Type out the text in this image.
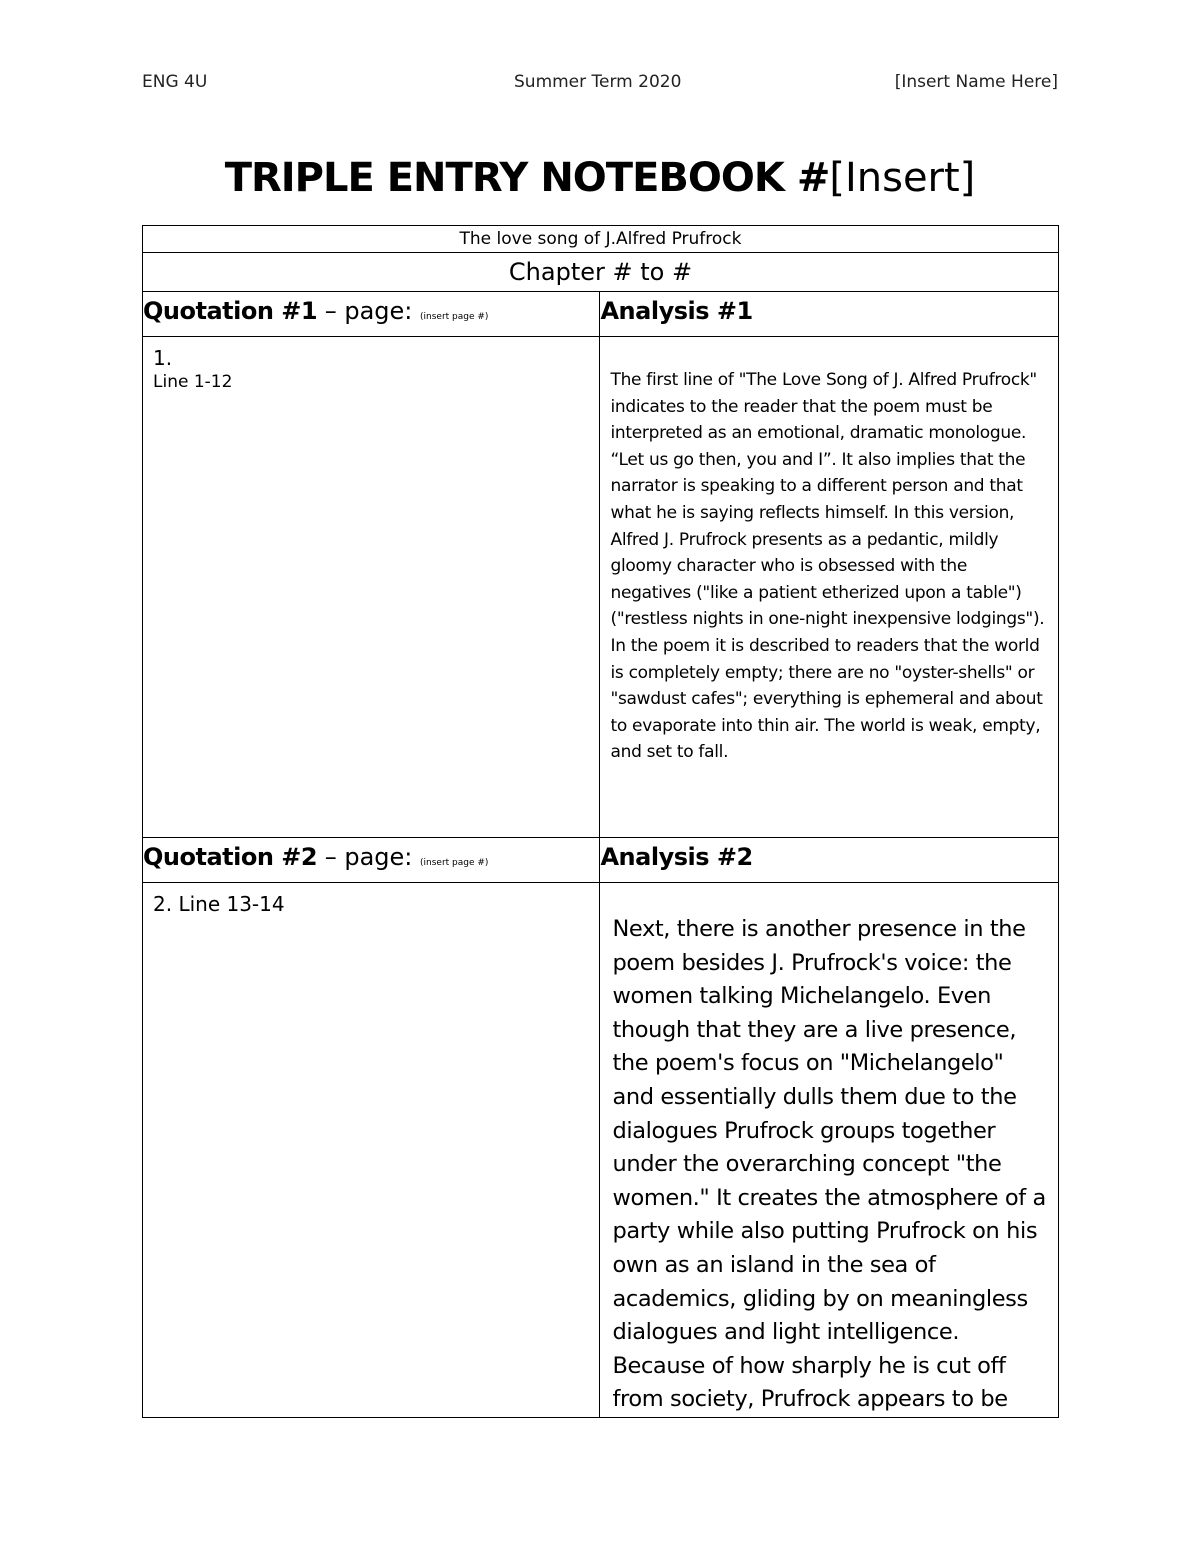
ENG 4U	Summer Term 2020	[Insert Name Here]
TRIPLE ENTRY NOTEBOOK #[Insert]
The love song of J.Alfred Prufrock	
Chapter # to #	
Quotation #1 – page: (insert page #)	Analysis #1

1.
Line 1-12	The first line of "The Love Song of J. Alfred Prufrock" indicates to the reader that the poem must be interpreted as an emotional, dramatic monologue. “Let us go then, you and I”. It also implies that the narrator is speaking to a different person and that what he is saying reflects himself. In this version, Alfred J. Prufrock presents as a pedantic, mildly gloomy character who is obsessed with the negatives ("like a patient etherized upon a table") ("restless nights in one-night inexpensive lodgings"). In the poem it is described to readers that the world is completely empty; there are no "oyster-shells" or "sawdust cafes"; everything is ephemeral and about to evaporate into thin air. The world is weak, empty, and set to fall.

Quotation #2 – page: (insert page #)	Analysis #2

2. Line 13-14	Next, there is another presence in the poem besides J. Prufrock's voice: the women talking Michelangelo. Even though that they are a live presence, the poem's focus on "Michelangelo" and essentially dulls them due to the dialogues Prufrock groups together under the overarching concept "the women." It creates the atmosphere of a party while also putting Prufrock on his own as an island in the sea of academics, gliding by on meaningless dialogues and light intelligence. Because of how sharply he is cut off from society, Prufrock appears to be
